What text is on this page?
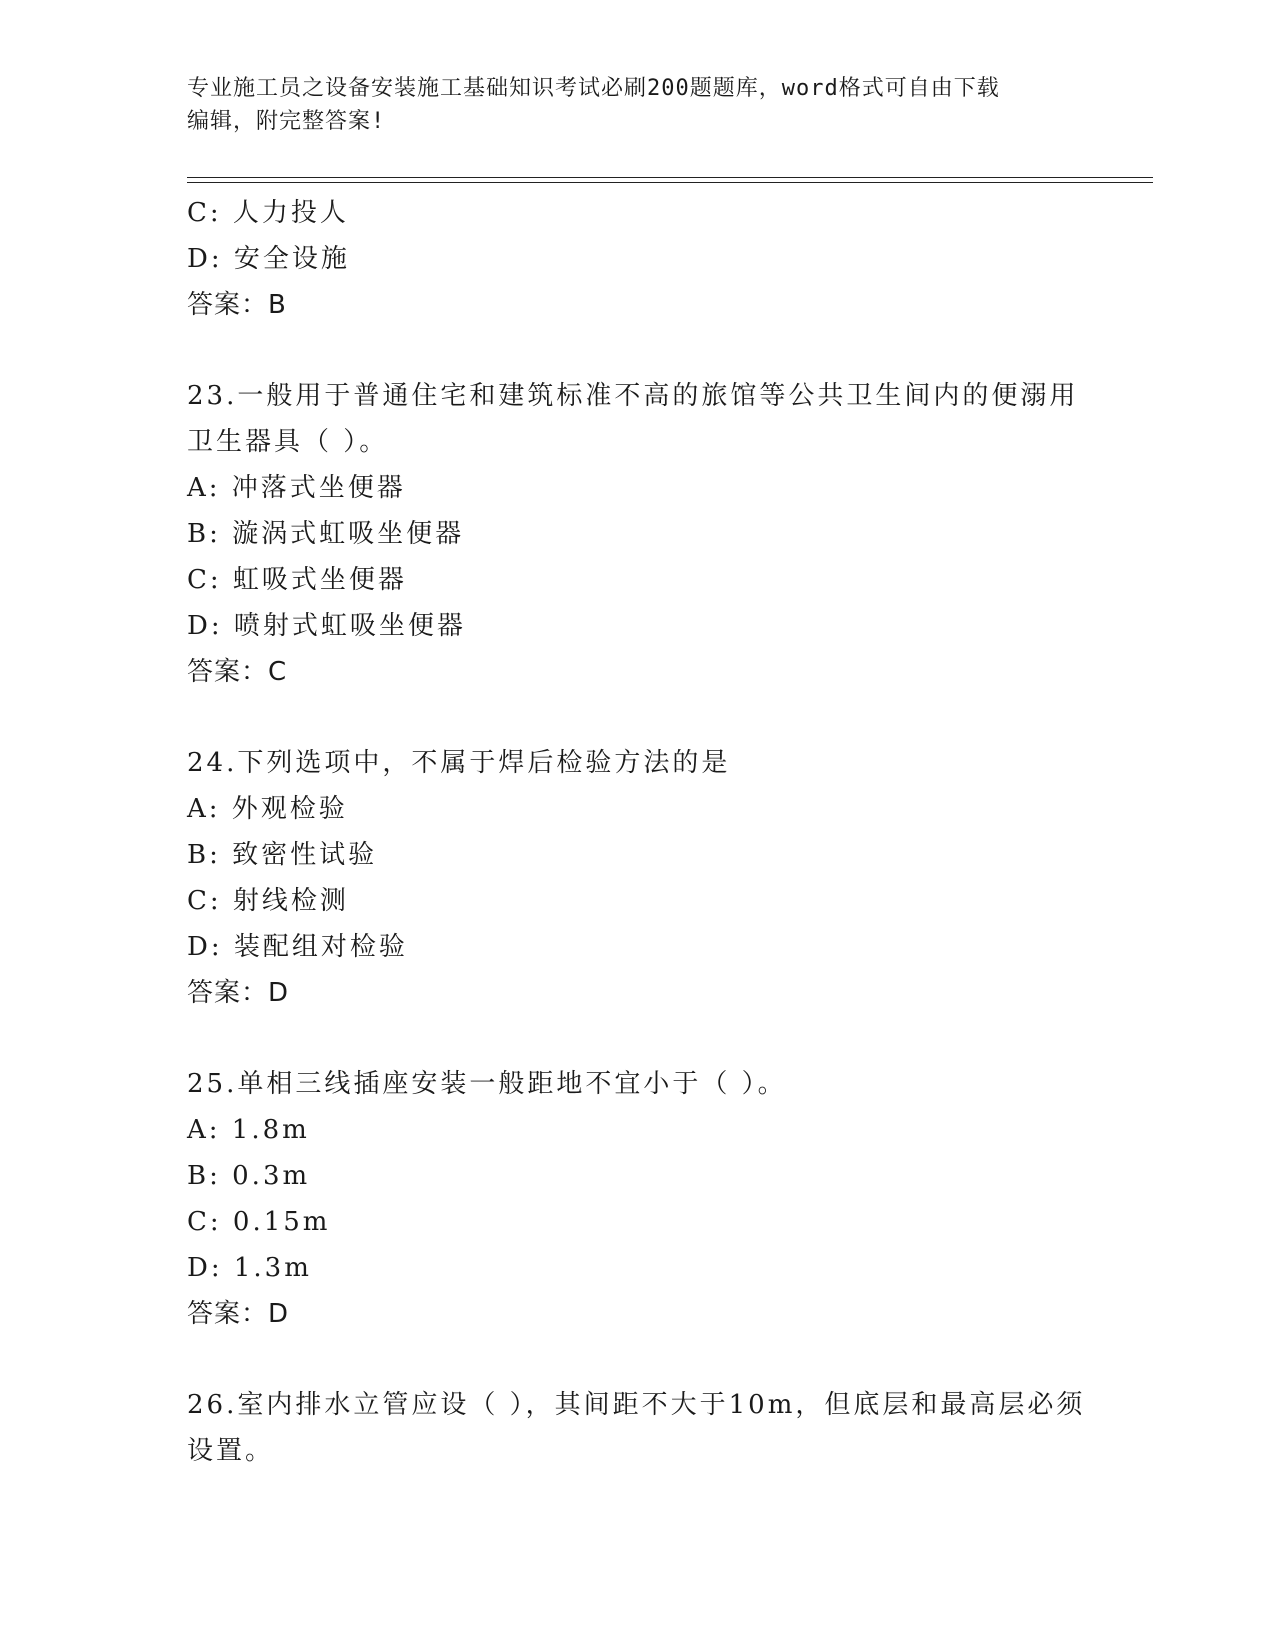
专业施工员之设备安装施工基础知识考试必刷200题题库，word格式可自由下载
编辑，附完整答案!
C: 人力投人
D: 安全设施
答案：B
23.一般用于普通住宅和建筑标准不高的旅馆等公共卫生间内的便溺用
卫生器具（ ）。
A: 冲落式坐便器
B: 漩涡式虹吸坐便器
C: 虹吸式坐便器
D: 喷射式虹吸坐便器
答案：C
24.下列选项中，不属于焊后检验方法的是
A: 外观检验
B: 致密性试验
C: 射线检测
D: 装配组对检验
答案：D
25.单相三线插座安装一般距地不宜小于（ ）。
A: 1.8m
B: 0.3m
C: 0.15m
D: 1.3m
答案：D
26.室内排水立管应设（ ），其间距不大于10m，但底层和最高层必须
设置。
